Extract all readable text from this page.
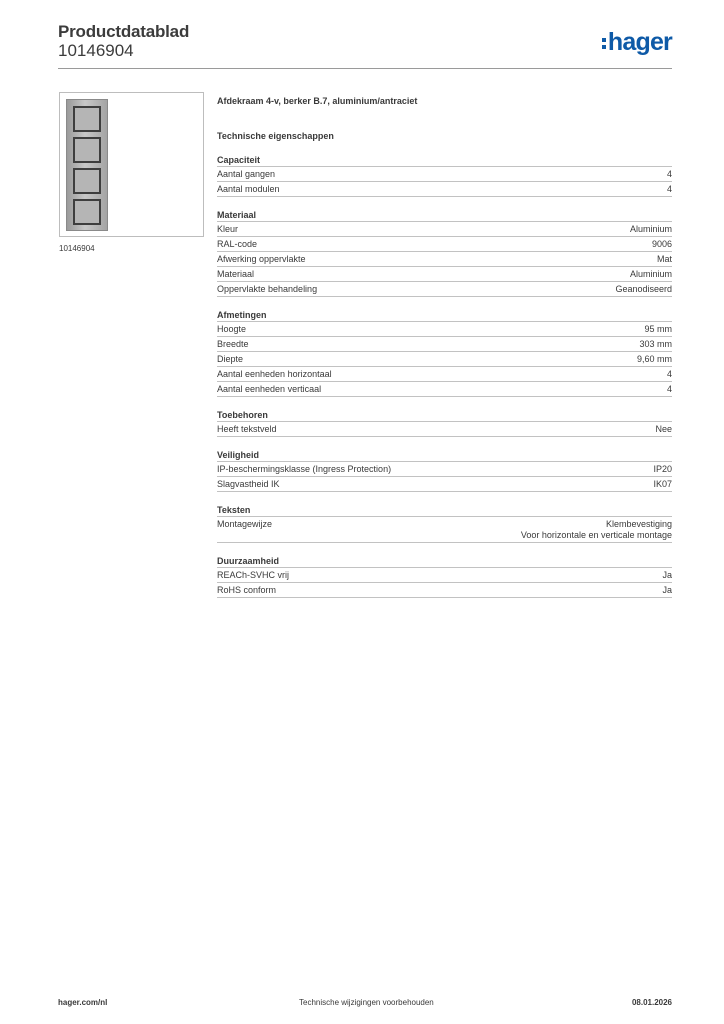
Productdatablad
10146904	hager
10146904
Afdekraam 4-v, berker B.7, aluminium/antraciet
Technische eigenschappen
Capaciteit
Aantal gangen	4
Aantal modulen	4
Materiaal
Kleur	Aluminium
RAL-code	9006
Afwerking oppervlakte	Mat
Materiaal	Aluminium
Oppervlakte behandeling	Geanodiseerd
Afmetingen
Hoogte	95 mm
Breedte	303 mm
Diepte	9,60 mm
Aantal eenheden horizontaal	4
Aantal eenheden verticaal	4
Toebehoren
Heeft tekstveld	Nee
Veiligheid
IP-beschermingsklasse (Ingress Protection)	IP20
Slagvastheid IK	IK07
Teksten
Montagewijze	Klembevestiging
Voor horizontale en verticale montage
Duurzaamheid
REACh-SVHC vrij	Ja
RoHS conform	Ja
hager.com/nl	Technische wijzigingen voorbehouden	08.01.2026
